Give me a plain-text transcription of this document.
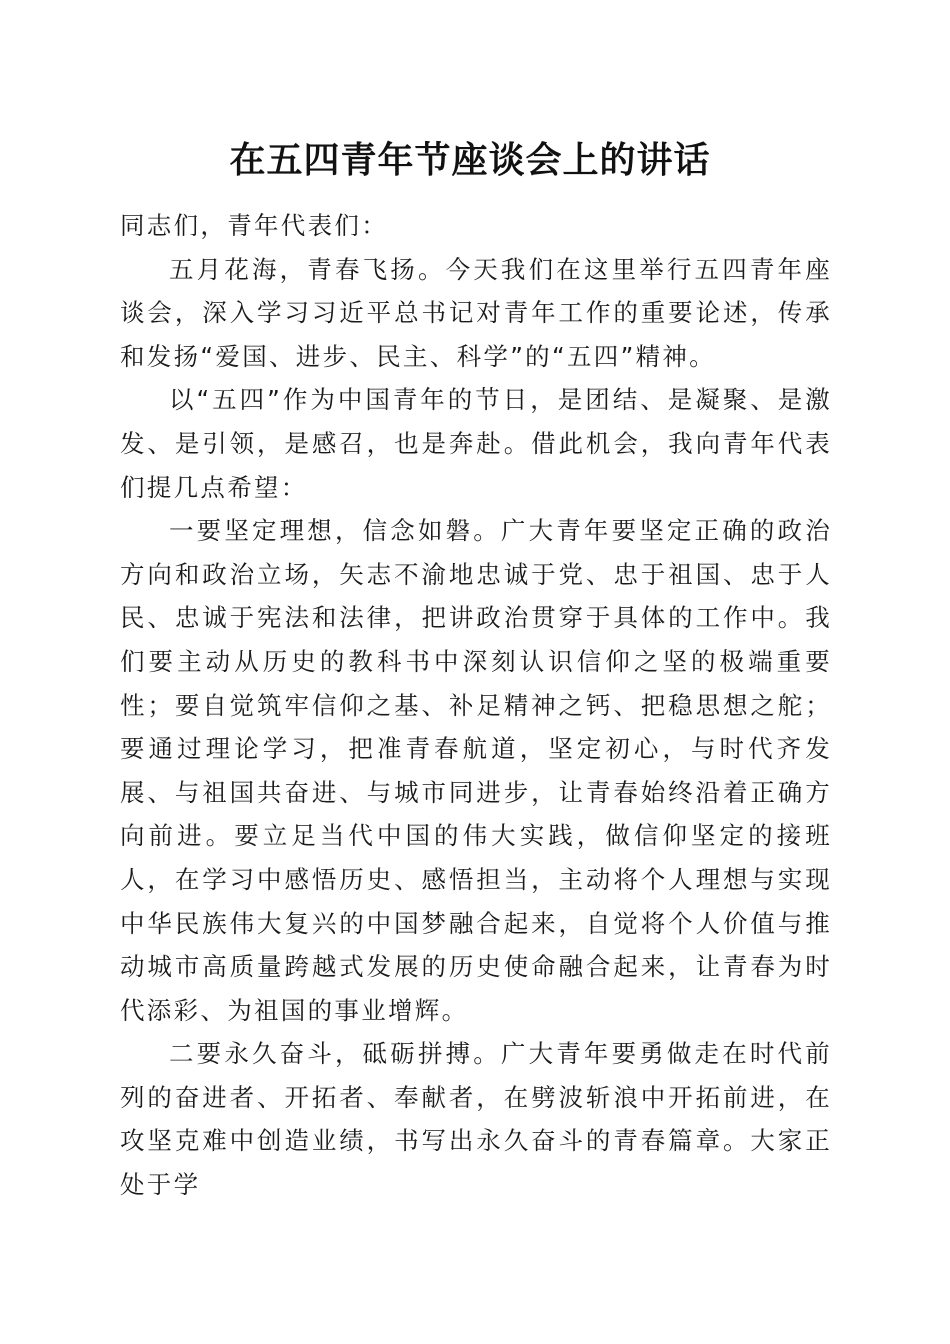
在五四青年节座谈会上的讲话

同志们，青年代表们：

五月花海，青春飞扬。今天我们在这里举行五四青年座谈会，深入学习习近平总书记对青年工作的重要论述，传承和发扬“爱国、进步、民主、科学”的“五四”精神。

以“五四”作为中国青年的节日，是团结、是凝聚、是激发、是引领，是感召，也是奔赴。借此机会，我向青年代表们提几点希望：

一要坚定理想，信念如磐。广大青年要坚定正确的政治方向和政治立场，矢志不渝地忠诚于党、忠于祖国、忠于人民、忠诚于宪法和法律，把讲政治贯穿于具体的工作中。我们要主动从历史的教科书中深刻认识信仰之坚的极端重要性；要自觉筑牢信仰之基、补足精神之钙、把稳思想之舵；要通过理论学习，把准青春航道，坚定初心，与时代齐发展、与祖国共奋进、与城市同进步，让青春始终沿着正确方向前进。要立足当代中国的伟大实践，做信仰坚定的接班人，在学习中感悟历史、感悟担当，主动将个人理想与实现中华民族伟大复兴的中国梦融合起来，自觉将个人价值与推动城市高质量跨越式发展的历史使命融合起来，让青春为时代添彩、为祖国的事业增辉。

二要永久奋斗，砥砺拼搏。广大青年要勇做走在时代前列的奋进者、开拓者、奉献者，在劈波斩浪中开拓前进，在攻坚克难中创造业绩，书写出永久奋斗的青春篇章。大家正处于学
